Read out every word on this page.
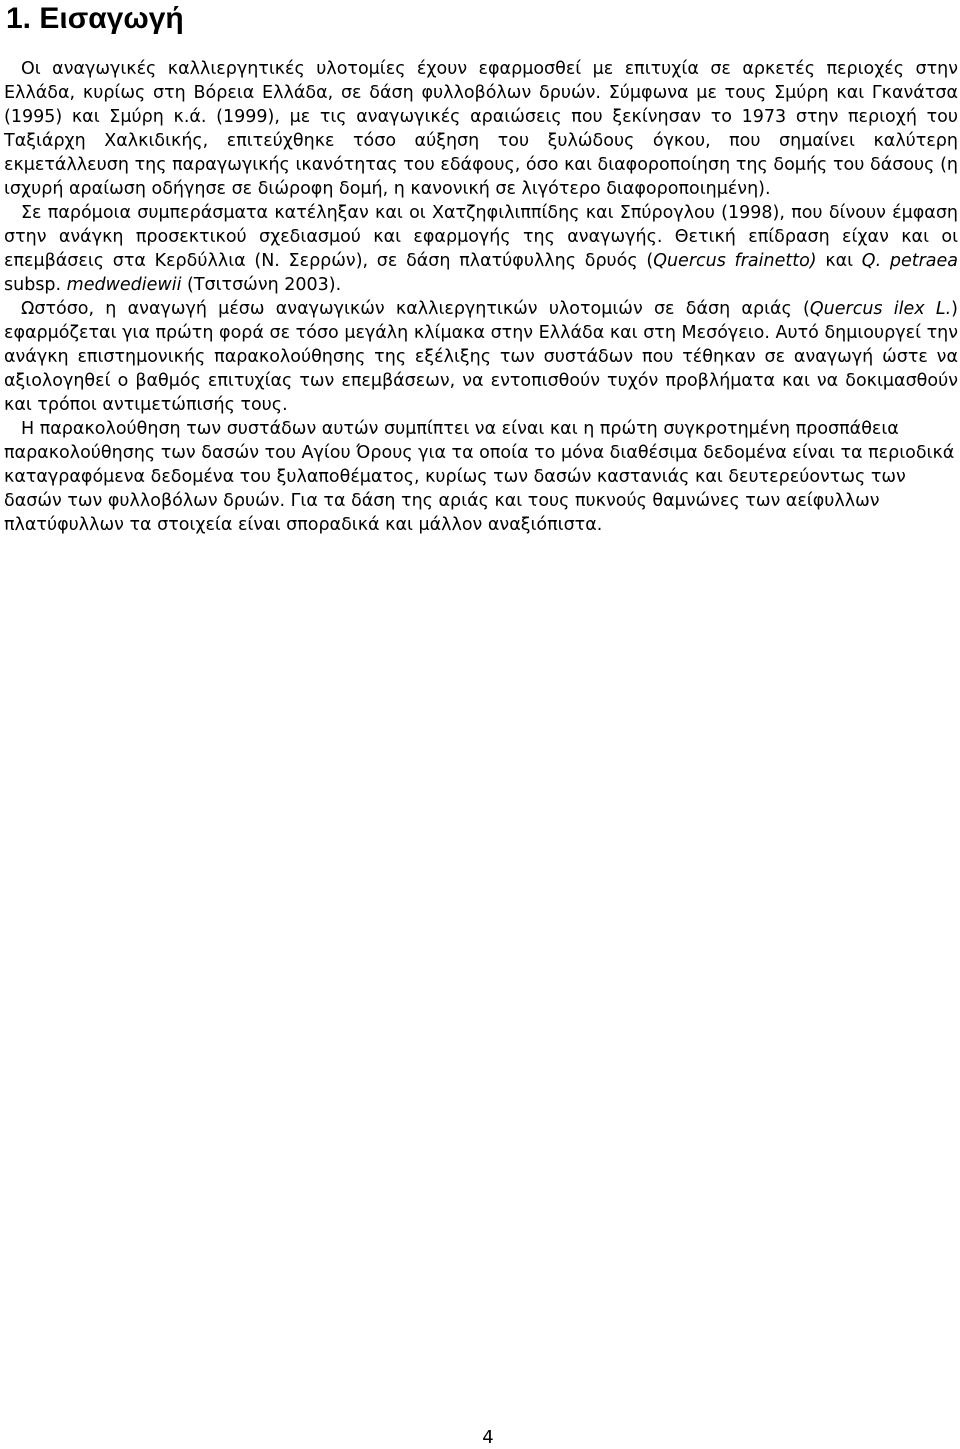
1. Εισαγωγή

Οι αναγωγικές καλλιεργητικές υλοτομίες έχουν εφαρμοσθεί με επιτυχία σε αρκετές περιοχές στην Ελλάδα, κυρίως στη Βόρεια Ελλάδα, σε δάση φυλλοβόλων δρυών. Σύμφωνα με τους Σμύρη και Γκανάτσα (1995) και Σμύρη κ.ά. (1999), με τις αναγωγικές αραιώσεις που ξεκίνησαν το 1973 στην περιοχή του Ταξιάρχη Χαλκιδικής, επιτεύχθηκε τόσο αύξηση του ξυλώδους όγκου, που σημαίνει καλύτερη εκμετάλλευση της παραγωγικής ικανότητας του εδάφους, όσο και διαφοροποίηση της δομής του δάσους (η ισχυρή αραίωση οδήγησε σε διώροφη δομή, η κανονική σε λιγότερο διαφοροποιημένη).

Σε παρόμοια συμπεράσματα κατέληξαν και οι Χατζηφιλιππίδης και Σπύρογλου (1998), που δίνουν έμφαση στην ανάγκη προσεκτικού σχεδιασμού και εφαρμογής της αναγωγής. Θετική επίδραση είχαν και οι επεμβάσεις στα Κερδύλλια (Ν. Σερρών), σε δάση πλατύφυλλης δρυός (Quercus frainetto) και Q. petraea subsp. medwediewii (Τσιτσώνη 2003).

Ωστόσο, η αναγωγή μέσω αναγωγικών καλλιεργητικών υλοτομιών σε δάση αριάς (Quercus ilex L.) εφαρμόζεται για πρώτη φορά σε τόσο μεγάλη κλίμακα στην Ελλάδα και στη Μεσόγειο. Αυτό δημιουργεί την ανάγκη επιστημονικής παρακολούθησης της εξέλιξης των συστάδων που τέθηκαν σε αναγωγή ώστε να αξιολογηθεί ο βαθμός επιτυχίας των επεμβάσεων, να εντοπισθούν τυχόν προβλήματα και να δοκιμασθούν και τρόποι αντιμετώπισής τους.

Η παρακολούθηση των συστάδων αυτών συμπίπτει να είναι και η πρώτη συγκροτημένη προσπάθεια παρακολούθησης των δασών του Αγίου Όρους για τα οποία το μόνα διαθέσιμα δεδομένα είναι τα περιοδικά καταγραφόμενα δεδομένα του ξυλαποθέματος, κυρίως των δασών καστανιάς και δευτερεύοντως των δασών των φυλλοβόλων δρυών. Για τα δάση της αριάς και τους πυκνούς θαμνώνες των αείφυλλων πλατύφυλλων τα στοιχεία είναι σποραδικά και μάλλον αναξιόπιστα.

4
